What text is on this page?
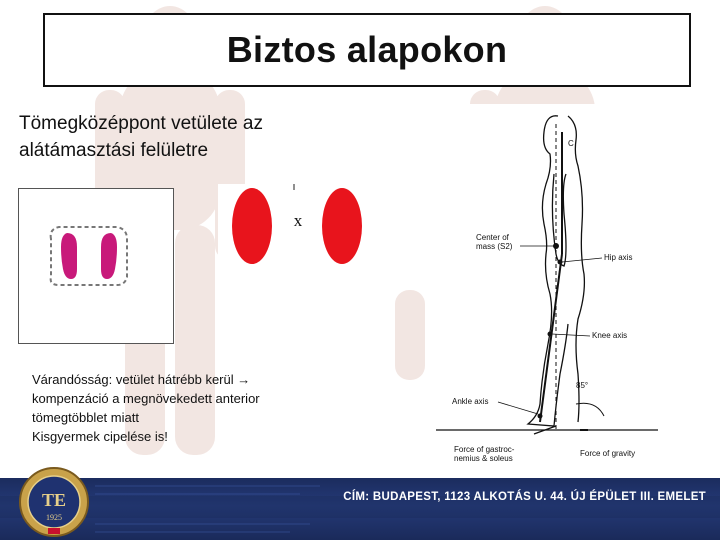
Biztos alapokon
Tömegközéppont vetülete az
alátámasztási felületre
x
C
Center of
mass (S2)
Hip axis
Knee axis
85°
Ankle axis
Force of gastroc-
nemius & soleus
Force of gravity
Várandósság: vetület hátrébb kerül →
kompenzáció a megnövekedett anterior
tömegtöbblet miatt
Kisgyermek cipelése is!
CÍM: BUDAPEST, 1123 ALKOTÁS U. 44. ÚJ ÉPÜLET III. EMELET
TE
1925
